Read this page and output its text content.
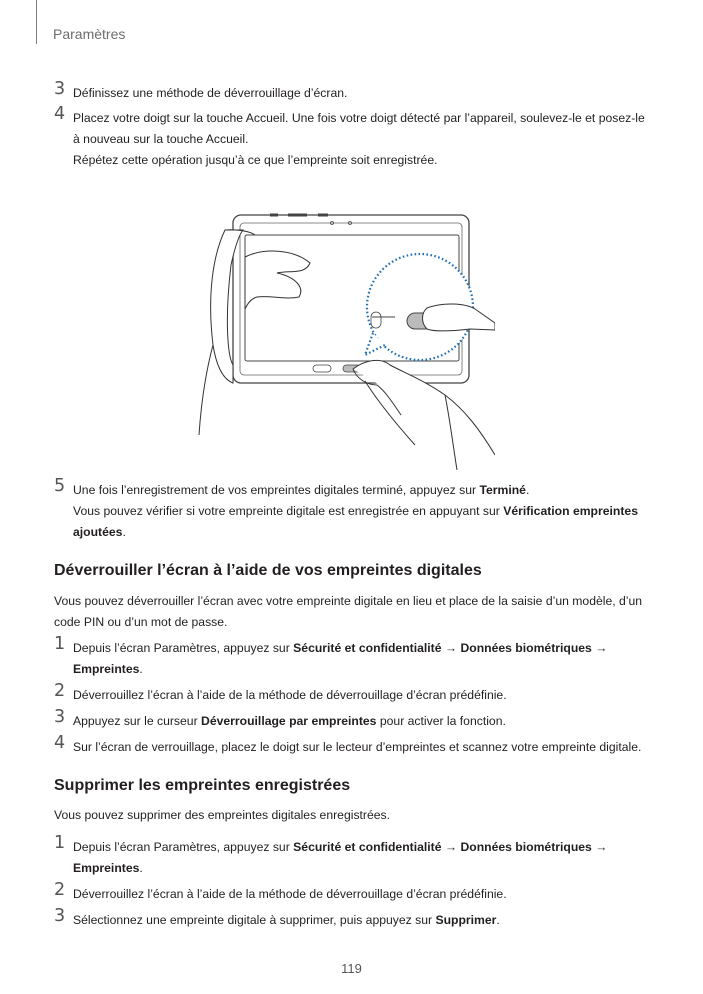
Paramètres
3 Définissez une méthode de déverrouillage d’écran.

4 Placez votre doigt sur la touche Accueil. Une fois votre doigt détecté par l’appareil, soulevez-le et posez-le

à nouveau sur la touche Accueil.

Répétez cette opération jusqu’à ce que l’empreinte soit enregistrée.

5 Une fois l’enregistrement de vos empreintes digitales terminé, appuyez sur Terminé.

Vous pouvez vérifier si votre empreinte digitale est enregistrée en appuyant sur Vérification empreintes ajoutées.

Déverrouiller l’écran à l’aide de vos empreintes digitales

Vous pouvez déverrouiller l’écran avec votre empreinte digitale en lieu et place de la saisie d’un modèle, d’un code PIN ou d’un mot de passe.

1 Depuis l’écran Paramètres, appuyez sur Sécurité et confidentialité → Données biométriques →
Empreintes.

2 Déverrouillez l’écran à l’aide de la méthode de déverrouillage d’écran prédéfinie.

3 Appuyez sur le curseur Déverrouillage par empreintes pour activer la fonction.

4 Sur l’écran de verrouillage, placez le doigt sur le lecteur d’empreintes et scannez votre empreinte digitale.

Supprimer les empreintes enregistrées

Vous pouvez supprimer des empreintes digitales enregistrées.

1 Depuis l’écran Paramètres, appuyez sur Sécurité et confidentialité → Données biométriques →
Empreintes.

2 Déverrouillez l’écran à l’aide de la méthode de déverrouillage d’écran prédéfinie.

3 Sélectionnez une empreinte digitale à supprimer, puis appuyez sur Supprimer.

119
